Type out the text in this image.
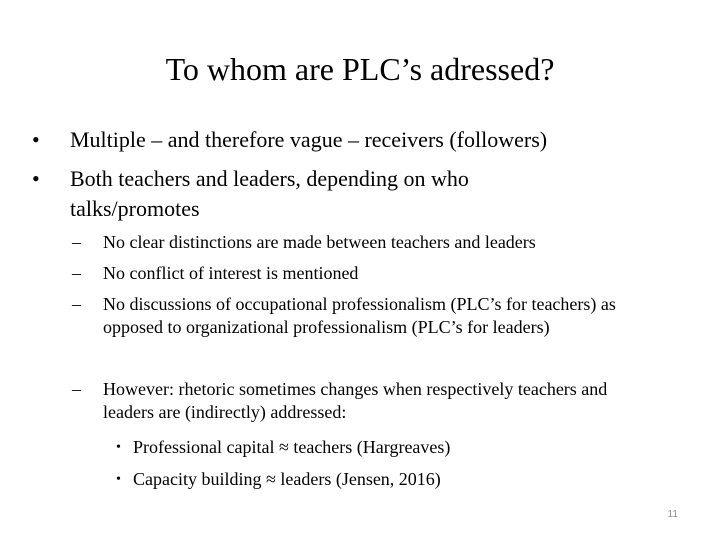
To whom are PLC’s adressed?
• Multiple – and therefore vague – receivers (followers)
• Both teachers and leaders, depending on who talks/promotes
– No clear distinctions are made between teachers and leaders
– No conflict of interest is mentioned
– No discussions of occupational professionalism (PLC’s for teachers) as opposed to organizational professionalism (PLC’s for leaders)
– However: rhetoric sometimes changes when respectively teachers and leaders are (indirectly) addressed:
• Professional capital ≈ teachers (Hargreaves)
• Capacity building ≈ leaders (Jensen, 2016)
11
